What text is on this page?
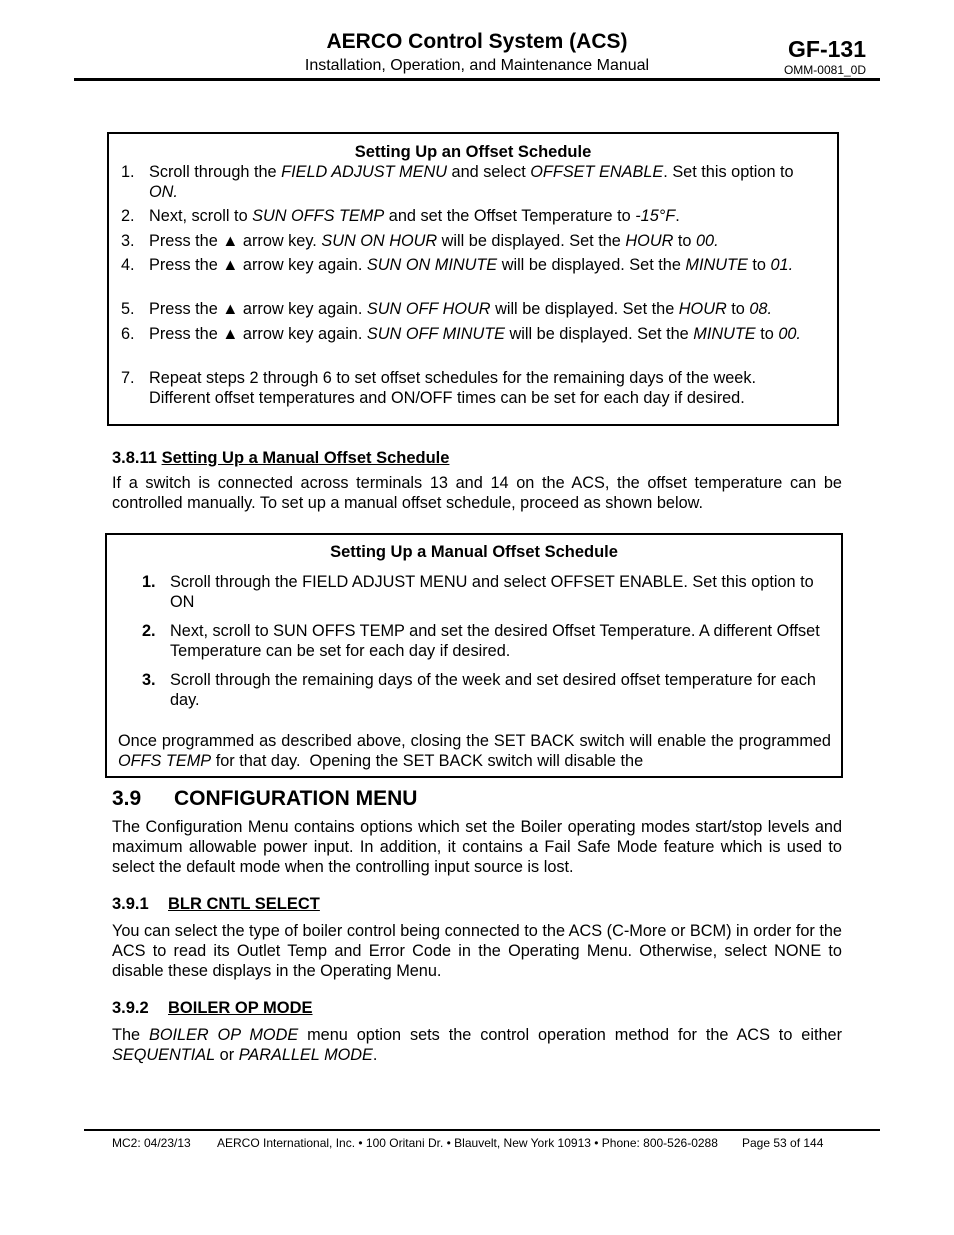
AERCO Control System (ACS)
Installation, Operation, and Maintenance Manual
GF-131
OMM-0081_0D
Setting Up an Offset Schedule
1. Scroll through the FIELD ADJUST MENU and select OFFSET ENABLE. Set this option to ON.
2. Next, scroll to SUN OFFS TEMP and set the Offset Temperature to -15°F.
3. Press the ▲ arrow key. SUN ON HOUR will be displayed. Set the HOUR to 00.
4. Press the ▲ arrow key again. SUN ON MINUTE will be displayed. Set the MINUTE to 01.
5. Press the ▲ arrow key again. SUN OFF HOUR will be displayed. Set the HOUR to 08.
6. Press the ▲ arrow key again. SUN OFF MINUTE will be displayed. Set the MINUTE to 00.
7. Repeat steps 2 through 6 to set offset schedules for the remaining days of the week. Different offset temperatures and ON/OFF times can be set for each day if desired.
3.8.11 Setting Up a Manual Offset Schedule
If a switch is connected across terminals 13 and 14 on the ACS, the offset temperature can be controlled manually. To set up a manual offset schedule, proceed as shown below.
Setting Up a Manual Offset Schedule
1. Scroll through the FIELD ADJUST MENU and select OFFSET ENABLE. Set this option to ON
2. Next, scroll to SUN OFFS TEMP and set the desired Offset Temperature. A different Offset Temperature can be set for each day if desired.
3. Scroll through the remaining days of the week and set desired offset temperature for each day.
Once programmed as described above, closing the SET BACK switch will enable the programmed OFFS TEMP for that day.  Opening the SET BACK switch will disable the
3.9 CONFIGURATION MENU
The Configuration Menu contains options which set the Boiler operating modes start/stop levels and maximum allowable power input. In addition, it contains a Fail Safe Mode feature which is used to select the default mode when the controlling input source is lost.
3.9.1 BLR CNTL SELECT
You can select the type of boiler control being connected to the ACS (C-More or BCM) in order for the ACS to read its Outlet Temp and Error Code in the Operating Menu. Otherwise, select NONE to disable these displays in the Operating Menu.
3.9.2 BOILER OP MODE
The BOILER OP MODE menu option sets the control operation method for the ACS to either SEQUENTIAL or PARALLEL MODE.
MC2: 04/23/13 AERCO International, Inc. • 100 Oritani Dr. • Blauvelt, New York 10913 • Phone: 800-526-0288 Page 53 of 144
